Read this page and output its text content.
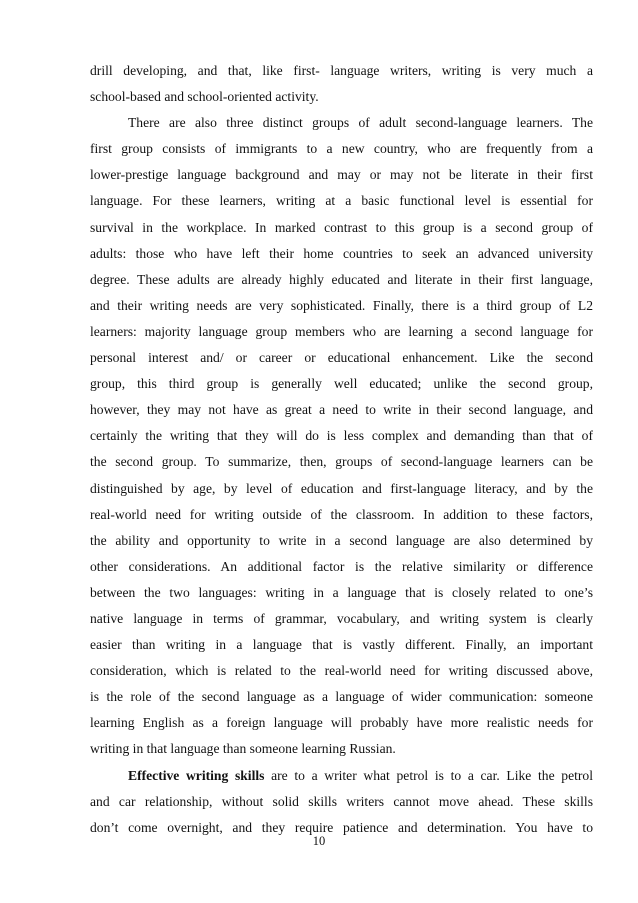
drill developing, and that, like first- language writers, writing is very much a
school-based and school-oriented activity.
There are also three distinct groups of adult second-language learners. The
first group consists of immigrants to a new country, who are frequently from a
lower-prestige language background and may or may not be literate in their first
language. For these learners, writing at a basic functional level is essential for
survival in the workplace. In marked contrast to this group is a second group of
adults: those who have left their home countries to seek an advanced university
degree. These adults are already highly educated and literate in their first language,
and their writing needs are very sophisticated. Finally, there is a third group of L2
learners: majority language group members who are learning a second language for
personal interest and/ or career or educational enhancement. Like the second
group, this third group is generally well educated; unlike the second group,
however, they may not have as great a need to write in their second language, and
certainly the writing that they will do is less complex and demanding than that of
the second group. To summarize, then, groups of second-language learners can be
distinguished by age, by level of education and first-language literacy, and by the
real-world need for writing outside of the classroom. In addition to these factors,
the ability and opportunity to write in a second language are also determined by
other considerations. An additional factor is the relative similarity or difference
between the two languages: writing in a language that is closely related to one’s
native language in terms of grammar, vocabulary, and writing system is clearly
easier than writing in a language that is vastly different. Finally, an important
consideration, which is related to the real-world need for writing discussed above,
is the role of the second language as a language of wider communication: someone
learning English as a foreign language will probably have more realistic needs for
writing in that language than someone learning Russian.
Effective writing skills are to a writer what petrol is to a car. Like the petrol
and car relationship, without solid skills writers cannot move ahead. These skills
don’t come overnight, and they require patience and determination. You have to
10
